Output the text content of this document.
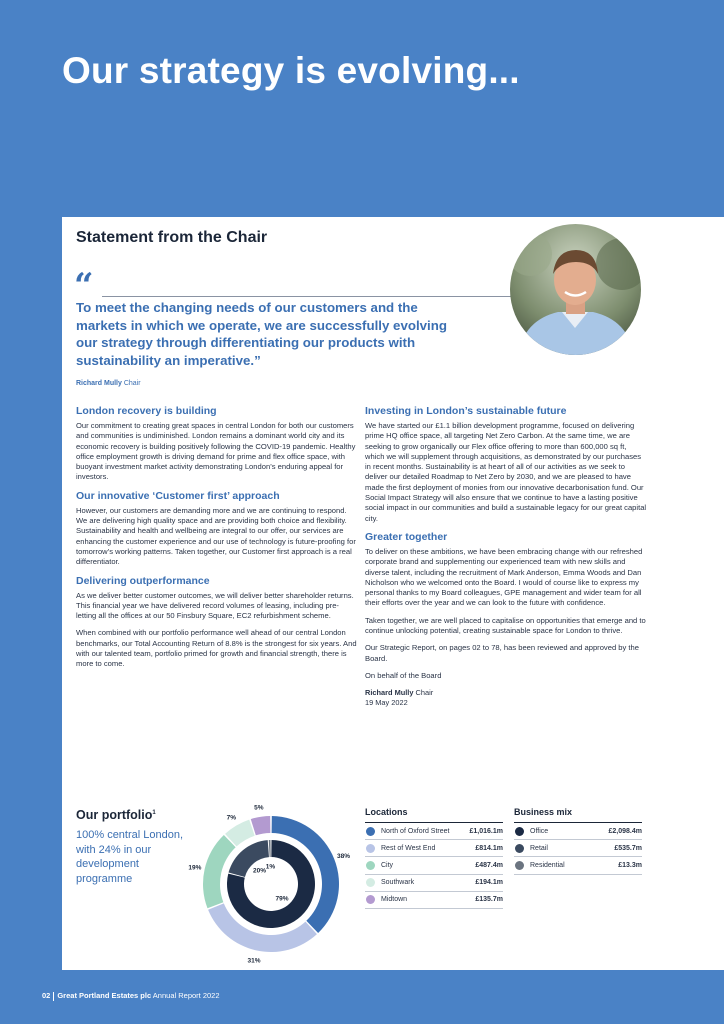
Our strategy is evolving...
Statement from the Chair
“
To meet the changing needs of our customers and the markets in which we operate, we are successfully evolving our strategy through differentiating our products with sustainability an imperative.”
Richard Mully Chair
London recovery is building
Our commitment to creating great spaces in central London for both our customers and communities is undiminished. London remains a dominant world city and its economic recovery is building positively following the COVID-19 pandemic. Healthy office employment growth is driving demand for prime and flex office space, with buoyant investment market activity demonstrating London’s enduring appeal for investors.
Our innovative ‘Customer first’ approach
However, our customers are demanding more and we are continuing to respond. We are delivering high quality space and are providing both choice and flexibility. Sustainability and health and wellbeing are integral to our offer, our services are enhancing the customer experience and our use of technology is future-proofing for tomorrow’s working patterns. Taken together, our Customer first approach is a real differentiator.
Delivering outperformance
As we deliver better customer outcomes, we will deliver better shareholder returns. This financial year we have delivered record volumes of leasing, including pre-letting all the offices at our 50 Finsbury Square, EC2 refurbishment scheme.
When combined with our portfolio performance well ahead of our central London benchmarks, our Total Accounting Return of 8.8% is the strongest for six years. And with our talented team, portfolio primed for growth and financial strength, there is more to come.
Investing in London’s sustainable future
We have started our £1.1 billion development programme, focused on delivering prime HQ office space, all targeting Net Zero Carbon. At the same time, we are seeking to grow organically our Flex office offering to more than 600,000 sq ft, which we will supplement through acquisitions, as demonstrated by our purchases in recent months. Sustainability is at heart of all of our activities as we seek to deliver our detailed Roadmap to Net Zero by 2030, and we are pleased to have made the first deployment of monies from our innovative decarbonisation fund. Our Social Impact Strategy will also ensure that we continue to have a lasting positive social impact in our communities and build a sustainable legacy for our great capital city.
Greater together
To deliver on these ambitions, we have been embracing change with our refreshed corporate brand and supplementing our experienced team with new skills and diverse talent, including the recruitment of Mark Anderson, Emma Woods and Dan Nicholson who we welcomed onto the Board. I would of course like to express my personal thanks to my Board colleagues, GPE management and wider team for all their efforts over the year and we can look to the future with confidence.
Taken together, we are well placed to capitalise on opportunities that emerge and to continue unlocking potential, creating sustainable space for London to thrive.
Our Strategic Report, on pages 02 to 78, has been reviewed and approved by the Board.
On behalf of the Board
Richard Mully Chair
19 May 2022
Our portfolio$^1$
100% central London, with 24% in our development programme
38%
31%
19%
7%
5%
79%
20%
1%
Locations
North of Oxford Street	£1,016.1m
Rest of West End	£814.1m
City	£487.4m
Southwark	£194.1m
Midtown	£135.7m
Business mix
Office	£2,098.4m
Retail	£535.7m
Residential	£13.3m
02 Great Portland Estates plc Annual Report 2022
